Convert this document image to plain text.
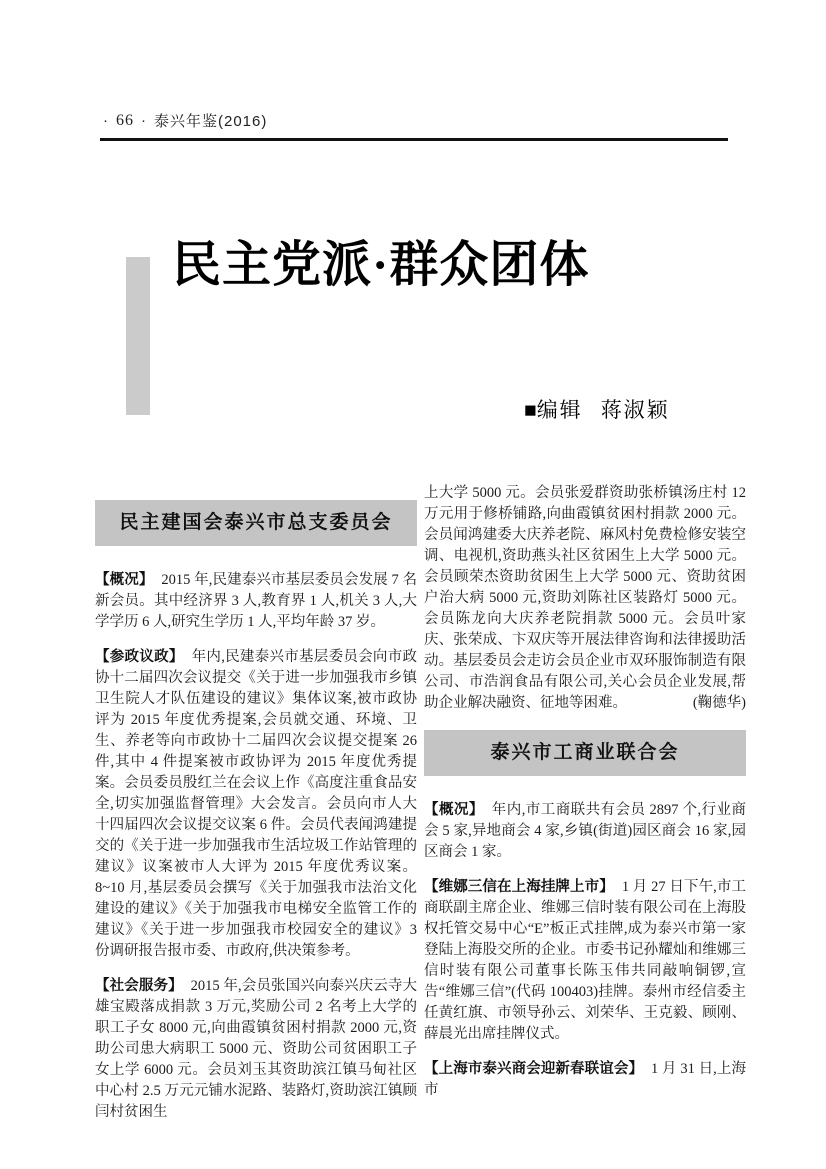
· 66 · 泰兴年鉴(2016)
民主党派·群众团体
■编辑 蒋淑颖
民主建国会泰兴市总支委员会

【概况】 2015 年,民建泰兴市基层委员会发展 7 名新会员。其中经济界 3 人,教育界 1 人,机关 3 人,大学学历 6 人,研究生学历 1 人,平均年龄 37 岁。

【参政议政】 年内,民建泰兴市基层委员会向市政协十二届四次会议提交《关于进一步加强我市乡镇卫生院人才队伍建设的建议》集体议案,被市政协评为 2015 年度优秀提案,会员就交通、环境、卫生、养老等向市政协十二届四次会议提交提案 26 件,其中 4 件提案被市政协评为 2015 年度优秀提案。会员委员殷红兰在会议上作《高度注重食品安全,切实加强监督管理》大会发言。会员向市人大十四届四次会议提交议案 6 件。会员代表闻鸿建提交的《关于进一步加强我市生活垃圾工作站管理的建议》议案被市人大评为 2015 年度优秀议案。8~10 月,基层委员会撰写《关于加强我市法治文化建设的建议》《关于加强我市电梯安全监管工作的建议》《关于进一步加强我市校园安全的建议》3 份调研报告报市委、市政府,供决策参考。

【社会服务】 2015 年,会员张国兴向泰兴庆云寺大雄宝殿落成捐款 3 万元,奖励公司 2 名考上大学的职工子女 8000 元,向曲霞镇贫困村捐款 2000 元,资助公司患大病职工 5000 元、资助公司贫困职工子女上学 6000 元。会员刘玉其资助滨江镇马甸社区中心村 2.5 万元元铺水泥路、装路灯,资助滨江镇顾闫村贫困生

上大学 5000 元。会员张爱群资助张桥镇汤庄村 12 万元用于修桥铺路,向曲霞镇贫困村捐款 2000 元。会员闻鸿建委大庆养老院、麻风村免费检修安装空调、电视机,资助燕头社区贫困生上大学 5000 元。会员顾荣杰资助贫困生上大学 5000 元、资助贫困户治大病 5000 元,资助刘陈社区装路灯 5000 元。会员陈龙向大庆养老院捐款 5000 元。会员叶家庆、张荣成、卞双庆等开展法律咨询和法律援助活动。基层委员会走访会员企业市双环服饰制造有限公司、市浩润食品有限公司,关心会员企业发展,帮助企业解决融资、征地等困难。	(鞠德华)

泰兴市工商业联合会

【概况】 年内,市工商联共有会员 2897 个,行业商会 5 家,异地商会 4 家,乡镇(街道)园区商会 16 家,园区商会 1 家。

【维娜三信在上海挂牌上市】 1 月 27 日下午,市工商联副主席企业、维娜三信时装有限公司在上海股权托管交易中心“E”板正式挂牌,成为泰兴市第一家登陆上海股交所的企业。市委书记孙耀灿和维娜三信时装有限公司董事长陈玉伟共同敲响铜锣,宣告“维娜三信”(代码 100403)挂牌。泰州市经信委主任黄红旗、市领导孙云、刘荣华、王克毅、顾刚、薛晨光出席挂牌仪式。

【上海市泰兴商会迎新春联谊会】 1 月 31 日,上海市
